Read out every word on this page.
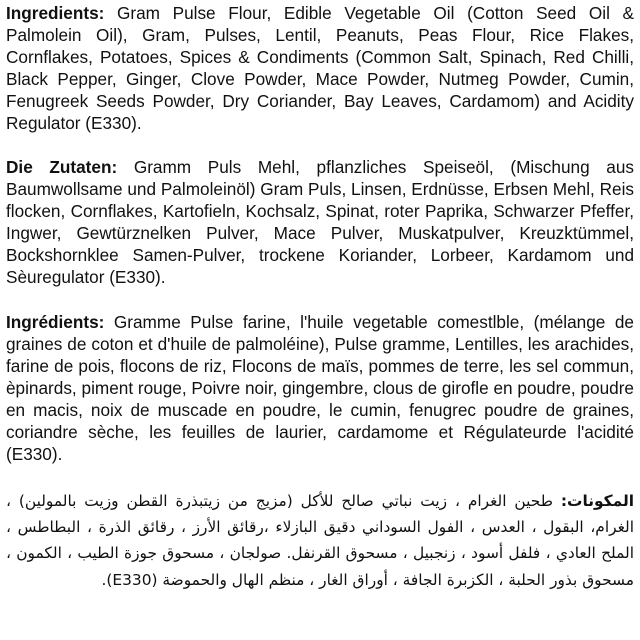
Ingredients: Gram Pulse Flour, Edible Vegetable Oil (Cotton Seed Oil & Palmolein Oil), Gram, Pulses, Lentil, Peanuts, Peas Flour, Rice Flakes, Cornflakes, Potatoes, Spices & Condiments (Common Salt, Spinach, Red Chilli, Black Pepper, Ginger, Clove Powder, Mace Powder, Nutmeg Powder, Cumin, Fenugreek Seeds Powder, Dry Coriander, Bay Leaves, Cardamom) and Acidity Regulator (E330).

Die Zutaten: Gramm Puls Mehl, pflanzliches Speiseöl, (Mischung aus Baumwollsame und Palmoleinöl) Gram Puls, Linsen, Erdnüsse, Erbsen Mehl, Reis flocken, Cornflakes, Kartofieln, Kochsalz, Spinat, roter Paprika, Schwarzer Pfeffer, Ingwer, Gewtürznelken Pulver, Mace Pulver, Muskatpulver, Kreuzktümmel, Bockshornklee Samen-Pulver, trockene Koriander, Lorbeer, Kardamom und Sèuregulator (E330).

Ingrédients: Gramme Pulse farine, l'huile vegetable comestlble, (mélange de graines de coton et d'huile de palmoléine), Pulse gramme, Lentilles, les arachides, farine de pois, flocons de riz, Flocons de maïs, pommes de terre, les sel commun, èpinards, piment rouge, Poivre noir, gingembre, clous de girofle en poudre, poudre en macis, noix de muscade en poudre, le cumin, fenugrec poudre de graines, coriandre sèche, les feuilles de laurier, cardamome et Régulateurde l'acidité (E330).

المكونات: طحين الغرام ، زيت نباتي صالح للأكل (مزيج من زيتبذرة القطن وزيت بالمولين) ، الغرام، البقول ، العدس ، الفول السوداني دقيق البازلاء ،رقائق الأرز ، رقائق الذرة ، البطاطس ، الملح العادي ، فلفل أسود ، زنجبيل ، مسحوق القرنفل. صولجان ، مسحوق جوزة الطيب ، الكمون ، مسحوق بذور الحلبة ، الكزبرة الجافة ، أوراق الغار ، منظم الهال والحموضة (E330).
